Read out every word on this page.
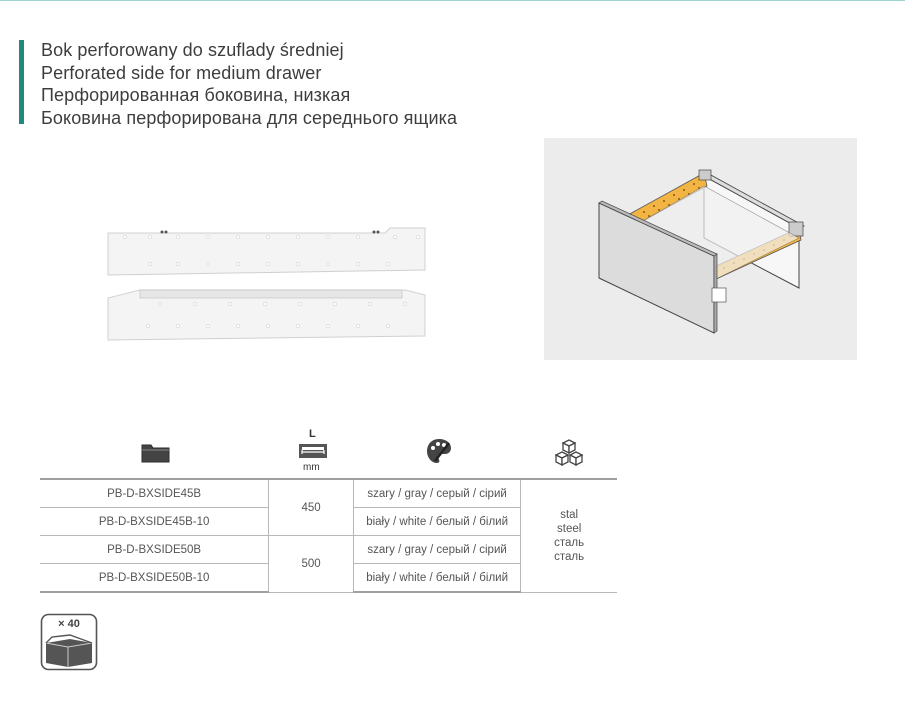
Bok perforowany do szuflady średniej
Perforated side for medium drawer
Перфорированная боковина, низкая
Боковина перфорирована для середнього ящика
L
mm
PB-D-BXSIDE45B	450	szary / gray / серый / сірий	stal
steel
сталь
сталь

PB-D-BXSIDE45B-10		biały / white / белый / білий	
PB-D-BXSIDE50B	500	szary / gray / серый / сірий	
PB-D-BXSIDE50B-10		biały / white / белый / білий	
× 40
